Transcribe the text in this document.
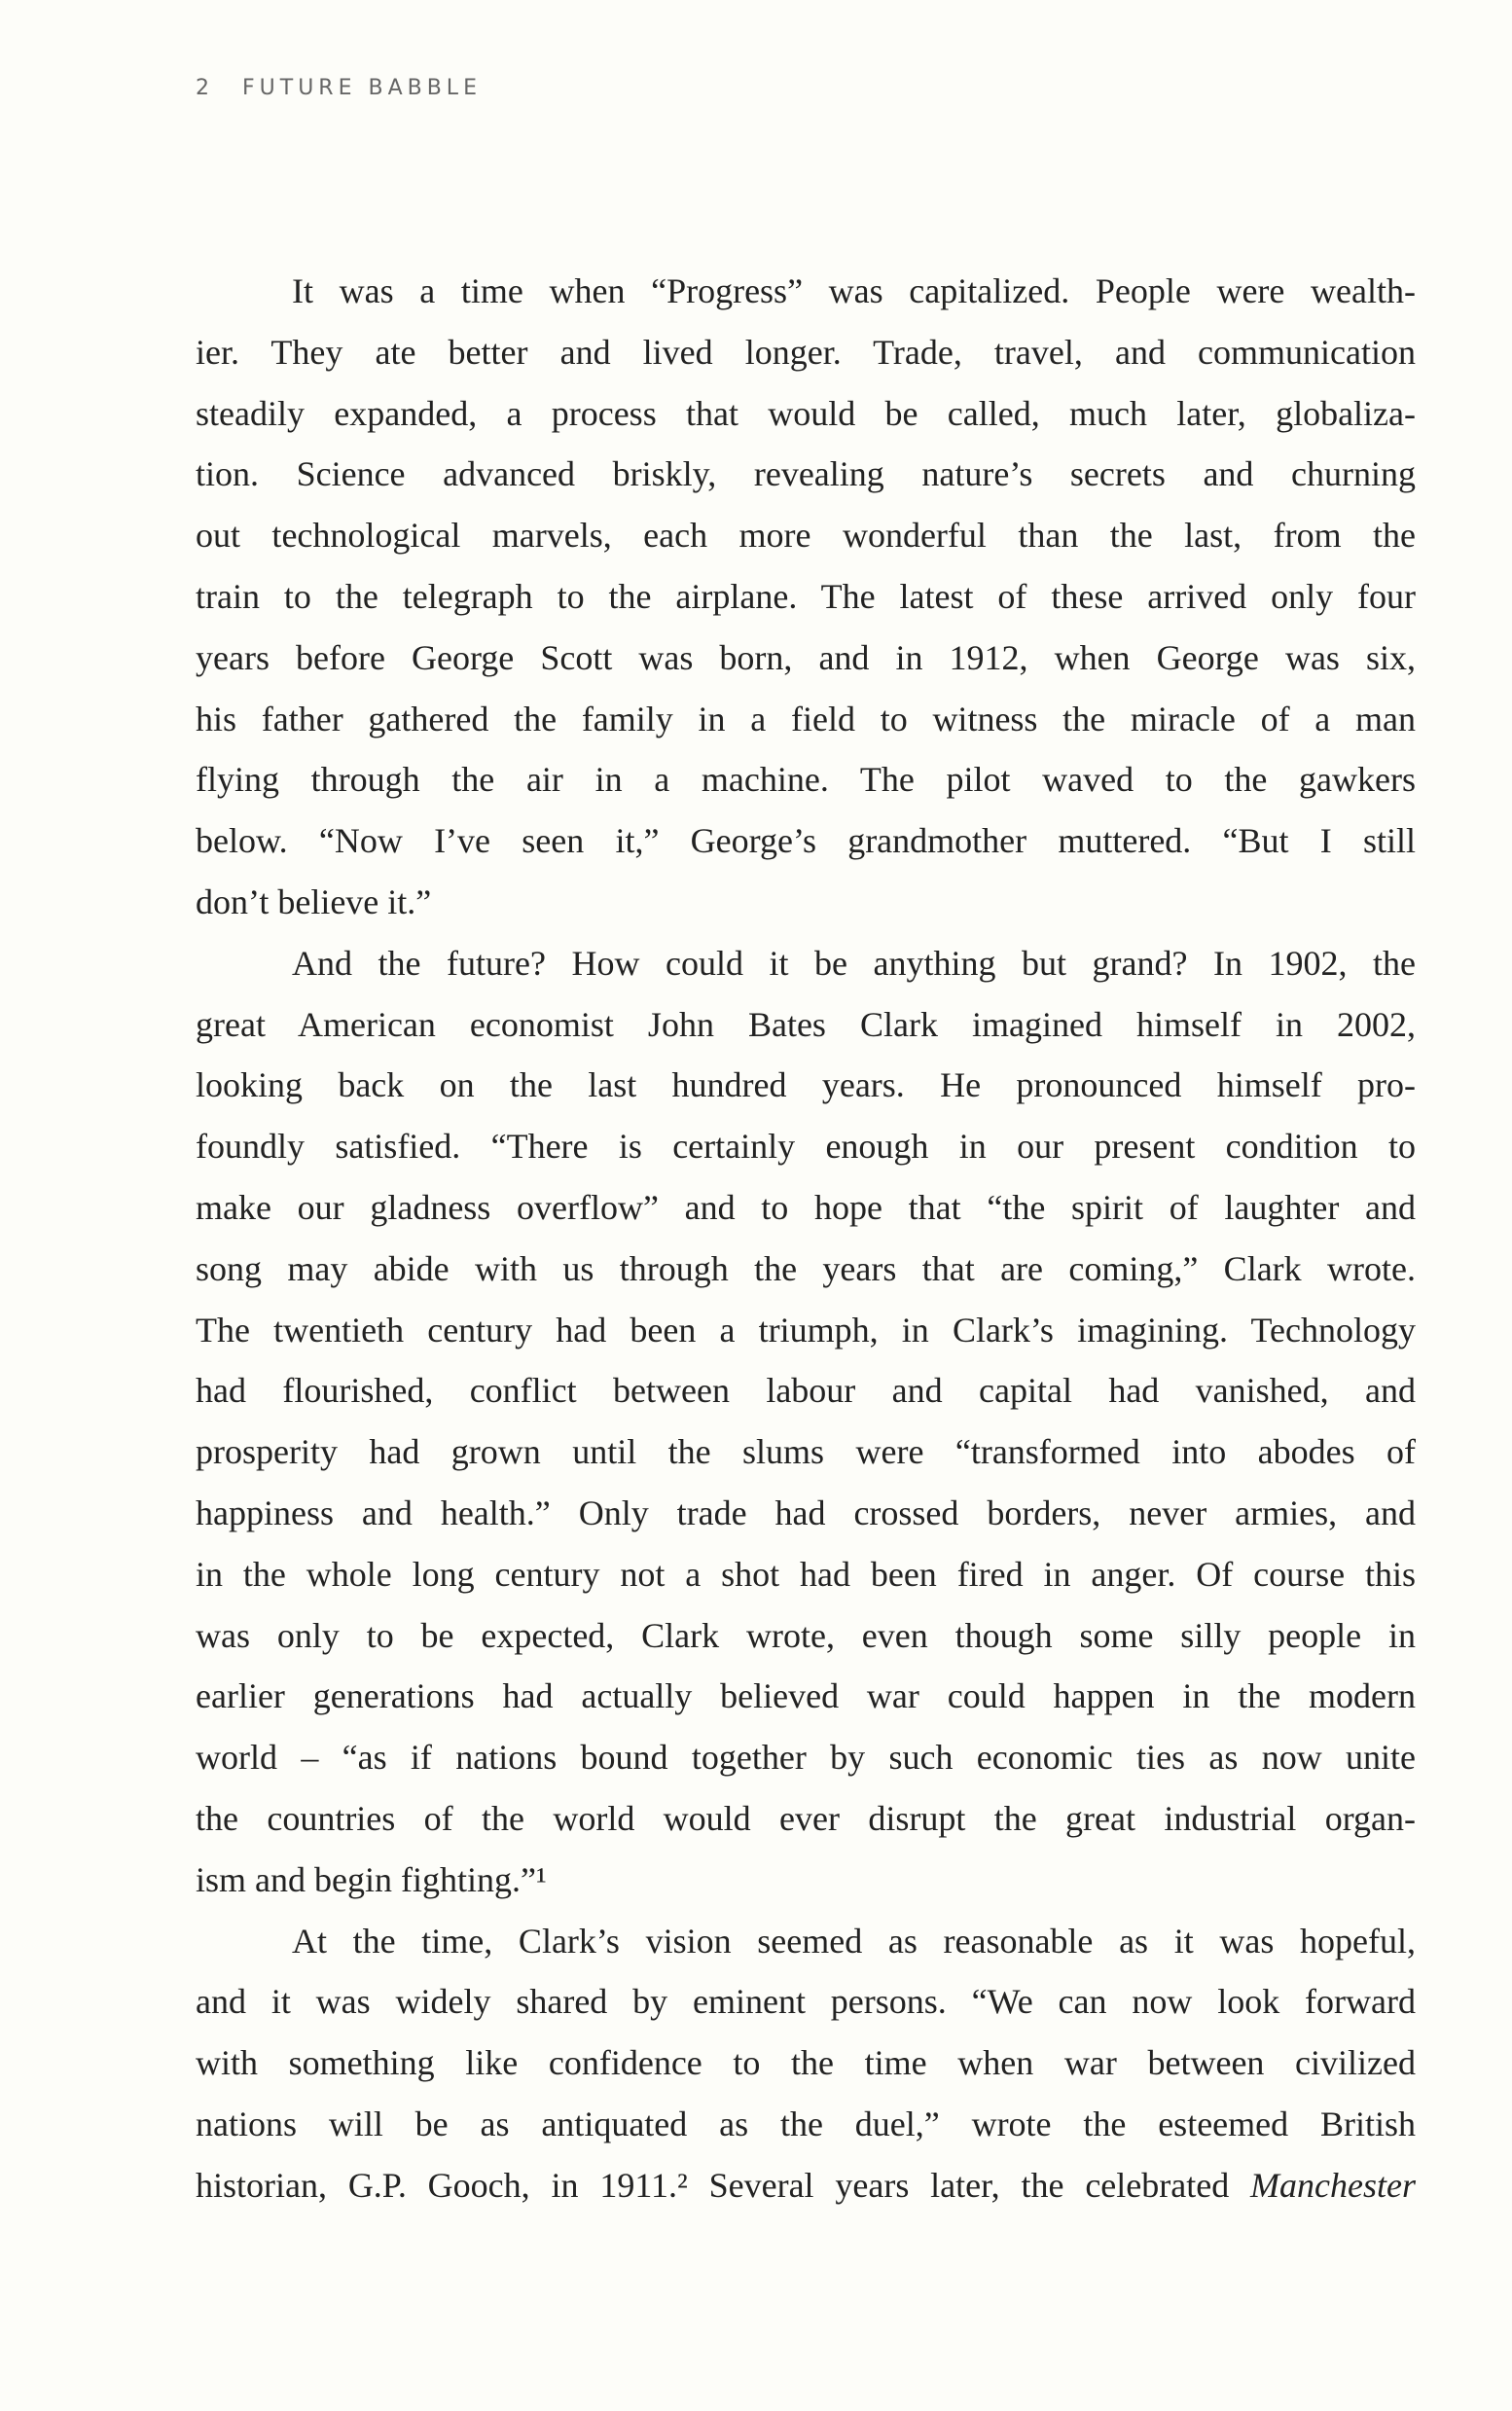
2 FUTURE BABBLE
It was a time when “Progress” was capitalized. People were wealth-
ier. They ate better and lived longer. Trade, travel, and communication
steadily expanded, a process that would be called, much later, globaliza-
tion. Science advanced briskly, revealing nature’s secrets and churning
out technological marvels, each more wonderful than the last, from the
train to the telegraph to the airplane. The latest of these arrived only four
years before George Scott was born, and in 1912, when George was six,
his father gathered the family in a field to witness the miracle of a man
flying through the air in a machine. The pilot waved to the gawkers
below. “Now I’ve seen it,” George’s grandmother muttered. “But I still
don’t believe it.”
And the future? How could it be anything but grand? In 1902, the
great American economist John Bates Clark imagined himself in 2002,
looking back on the last hundred years. He pronounced himself pro-
foundly satisfied. “There is certainly enough in our present condition to
make our gladness overflow” and to hope that “the spirit of laughter and
song may abide with us through the years that are coming,” Clark wrote.
The twentieth century had been a triumph, in Clark’s imagining. Technology
had flourished, conflict between labour and capital had vanished, and
prosperity had grown until the slums were “transformed into abodes of
happiness and health.” Only trade had crossed borders, never armies, and
in the whole long century not a shot had been fired in anger. Of course this
was only to be expected, Clark wrote, even though some silly people in
earlier generations had actually believed war could happen in the modern
world – “as if nations bound together by such economic ties as now unite
the countries of the world would ever disrupt the great industrial organ-
ism and begin fighting.”¹
At the time, Clark’s vision seemed as reasonable as it was hopeful,
and it was widely shared by eminent persons. “We can now look forward
with something like confidence to the time when war between civilized
nations will be as antiquated as the duel,” wrote the esteemed British
historian, G.P. Gooch, in 1911.² Several years later, the celebrated Manchester
